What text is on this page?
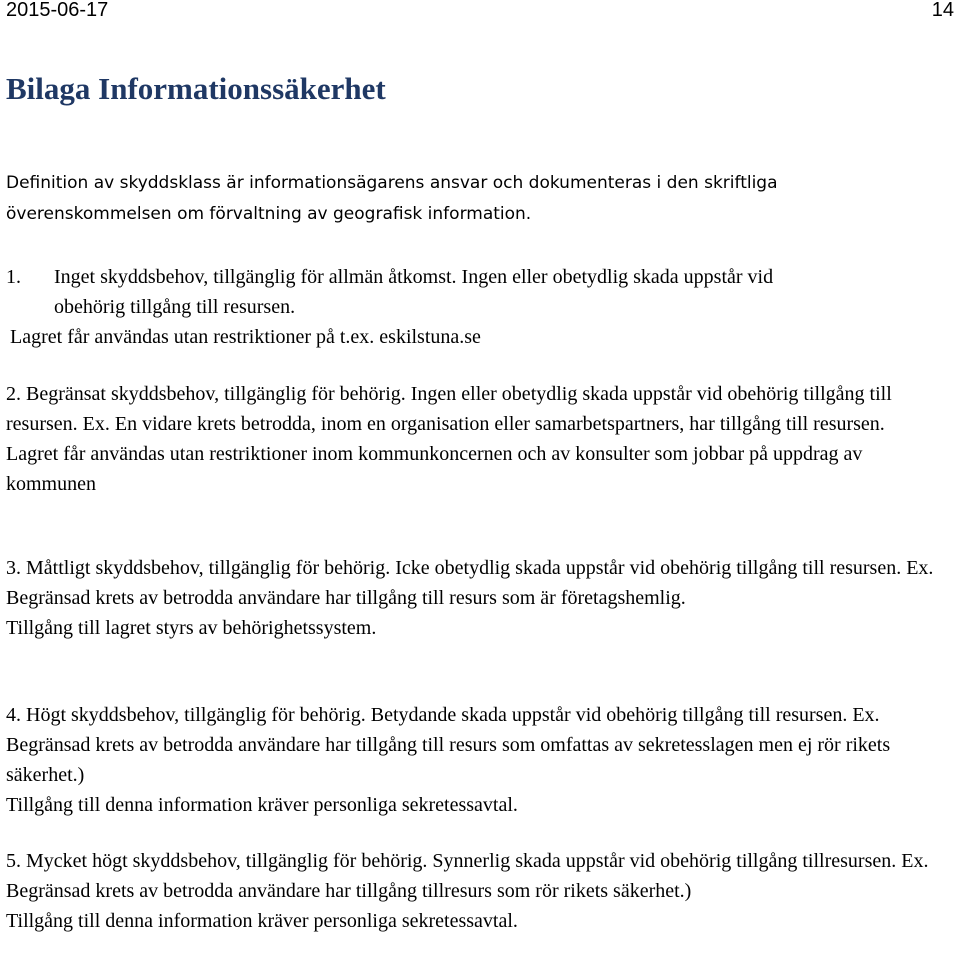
2015-06-17	14
Bilaga Informationssäkerhet

Definition av skyddsklass är informationsägarens ansvar och dokumenteras i den skriftliga överenskommelsen om förvaltning av geografisk information.

1. Inget skyddsbehov, tillgänglig för allmän åtkomst. Ingen eller obetydlig skada uppstår vid
obehörig tillgång till resursen.
Lagret får användas utan restriktioner på t.ex. eskilstuna.se

2. Begränsat skyddsbehov, tillgänglig för behörig. Ingen eller obetydlig skada uppstår vid obehörig tillgång till resursen. Ex. En vidare krets betrodda, inom en organisation eller samarbetspartners, har tillgång till resursen.

Lagret får användas utan restriktioner inom kommunkoncernen och av konsulter som jobbar på uppdrag av kommunen

3. Måttligt skyddsbehov, tillgänglig för behörig. Icke obetydlig skada uppstår vid obehörig tillgång till resursen. Ex. Begränsad krets av betrodda användare har tillgång till resurs som är företagshemlig.

Tillgång till lagret styrs av behörighetssystem.

4. Högt skyddsbehov, tillgänglig för behörig. Betydande skada uppstår vid obehörig tillgång till resursen. Ex. Begränsad krets av betrodda användare har tillgång till resurs som omfattas av sekretesslagen men ej rör rikets säkerhet.)

Tillgång till denna information kräver personliga sekretessavtal.

5. Mycket högt skyddsbehov, tillgänglig för behörig. Synnerlig skada uppstår vid obehörig tillgång tillresursen. Ex. Begränsad krets av betrodda användare har tillgång tillresurs som rör rikets säkerhet.)

Tillgång till denna information kräver personliga sekretessavtal.
